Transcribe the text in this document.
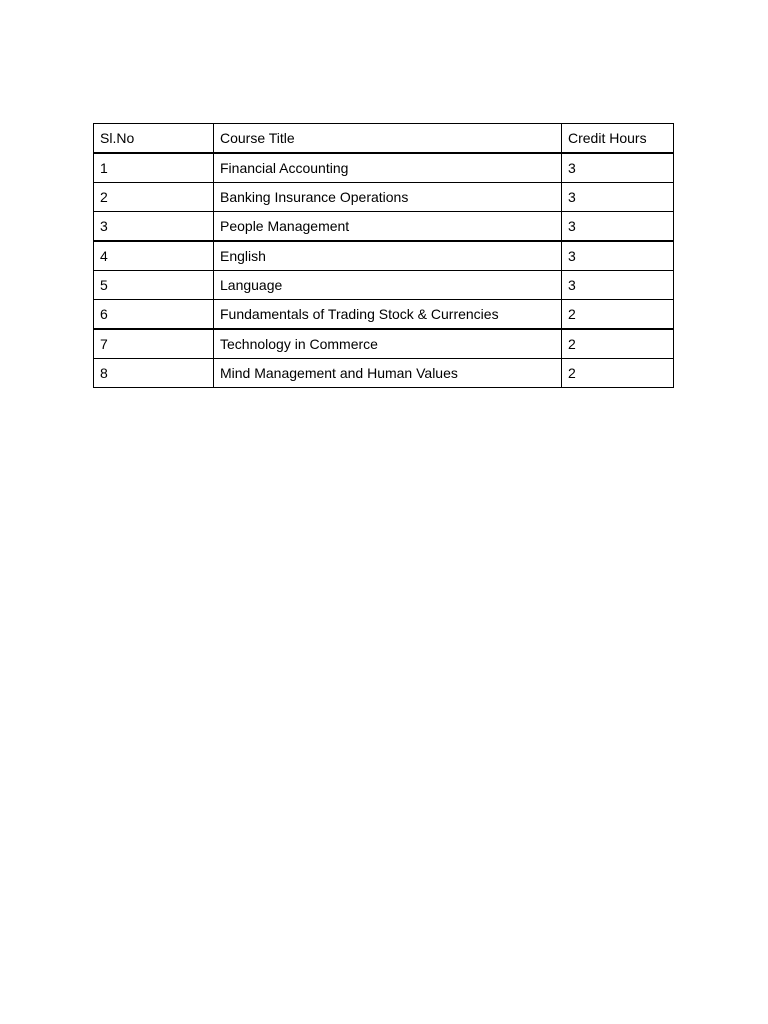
Sl.No	Course Title	Credit Hours
1	Financial Accounting	3
2	Banking Insurance Operations	3
3	People Management	3
4	English	3
5	Language	3
6	Fundamentals of Trading Stock & Currencies	2
7	Technology in Commerce	2
8	Mind Management and Human Values	2
